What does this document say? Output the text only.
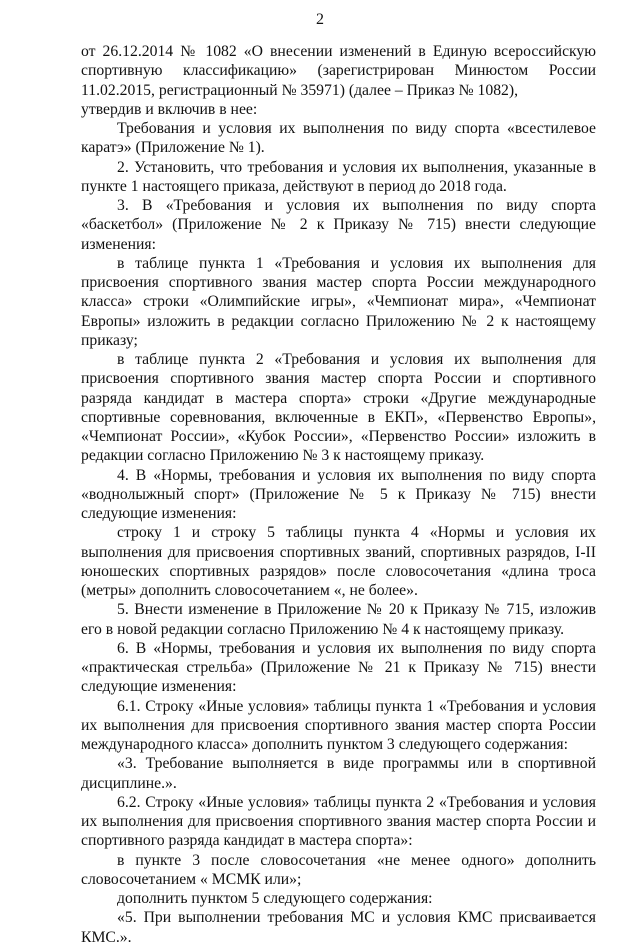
2

от 26.12.2014 № 1082 «О внесении изменений в Единую всероссийскую спортивную классификацию» (зарегистрирован Минюстом России 11.02.2015, регистрационный № 35971) (далее – Приказ № 1082),

утвердив и включив в нее:

Требования и условия их выполнения по виду спорта «всестилевое каратэ» (Приложение № 1).

2. Установить, что требования и условия их выполнения, указанные в пункте 1 настоящего приказа, действуют в период до 2018 года.

3. В «Требования и условия их выполнения по виду спорта «баскетбол» (Приложение № 2 к Приказу № 715) внести следующие изменения:

в таблице пункта 1 «Требования и условия их выполнения для присвоения спортивного звания мастер спорта России международного класса» строки «Олимпийские игры», «Чемпионат мира», «Чемпионат Европы» изложить в редакции согласно Приложению № 2 к настоящему приказу;

в таблице пункта 2 «Требования и условия их выполнения для присвоения спортивного звания мастер спорта России и спортивного разряда кандидат в мастера спорта» строки «Другие международные спортивные соревнования, включенные в ЕКП», «Первенство Европы», «Чемпионат России», «Кубок России», «Первенство России» изложить в редакции согласно Приложению № 3 к настоящему приказу.

4. В «Нормы, требования и условия их выполнения по виду спорта «воднолыжный спорт» (Приложение № 5 к Приказу № 715) внести следующие изменения:

строку 1 и строку 5 таблицы пункта 4 «Нормы и условия их выполнения для присвоения спортивных званий, спортивных разрядов, I-II юношеских спортивных разрядов» после словосочетания «длина троса (метры» дополнить словосочетанием «, не более».

5. Внести изменение в Приложение № 20 к Приказу № 715, изложив его в новой редакции согласно Приложению № 4 к настоящему приказу.

6. В «Нормы, требования и условия их выполнения по виду спорта «практическая стрельба» (Приложение № 21 к Приказу № 715) внести следующие изменения:

6.1. Строку «Иные условия» таблицы пункта 1 «Требования и условия их выполнения для присвоения спортивного звания мастер спорта России международного класса» дополнить пунктом 3 следующего содержания:

«3. Требование выполняется в виде программы или в спортивной дисциплине.».

6.2. Строку «Иные условия» таблицы пункта 2 «Требования и условия их выполнения для присвоения спортивного звания мастер спорта России и спортивного разряда кандидат в мастера спорта»:

в пункте 3 после словосочетания «не менее одного» дополнить словосочетанием « МСМК или»;

дополнить пунктом 5 следующего содержания:

«5. При выполнении требования МС и условия КМС присваивается КМС.».
